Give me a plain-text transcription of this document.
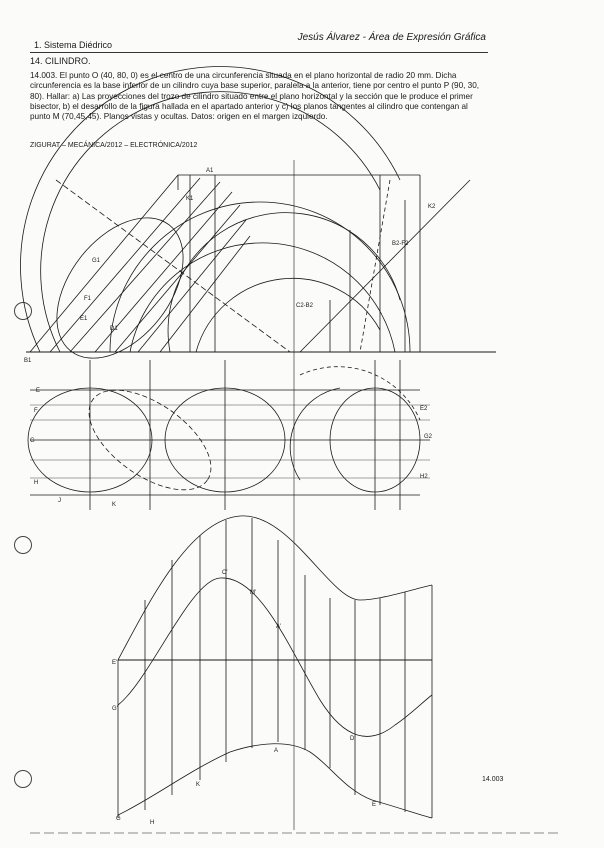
1. Sistema Diédrico
Jesús Álvarez - Área de Expresión Gráfica
14. CILINDRO.
14.003. El punto O (40, 80, 0) es el centro de una circunferencia situada en el plano horizontal de radio 20 mm. Dicha circunferencia es la base inferior de un cilindro cuya base superior, paralela a la anterior, tiene por centro el punto P (90, 30, 80). Hallar: a) Las proyecciones del trozo de cilindro situado entre el plano horizontal y la sección que le produce el primer bisector, b) el desarrollo de la figura hallada en el apartado anterior y c) los planos tangentes al cilindro que contengan al punto M (70,45,45). Planos vistas y ocultas. Datos: origen en el margen izquierdo.
ZIGURAT – MECÁNICA/2012 – ELECTRÓNICA/2012
A1
K1
G1
F1
E1
D1
B1
B2-F2
K2
C2-B2
E
F
G
H
J
K
E2
G2
H2
E'
C'
M'
A'
D'
G'
G
H
K
A
E
14.003
